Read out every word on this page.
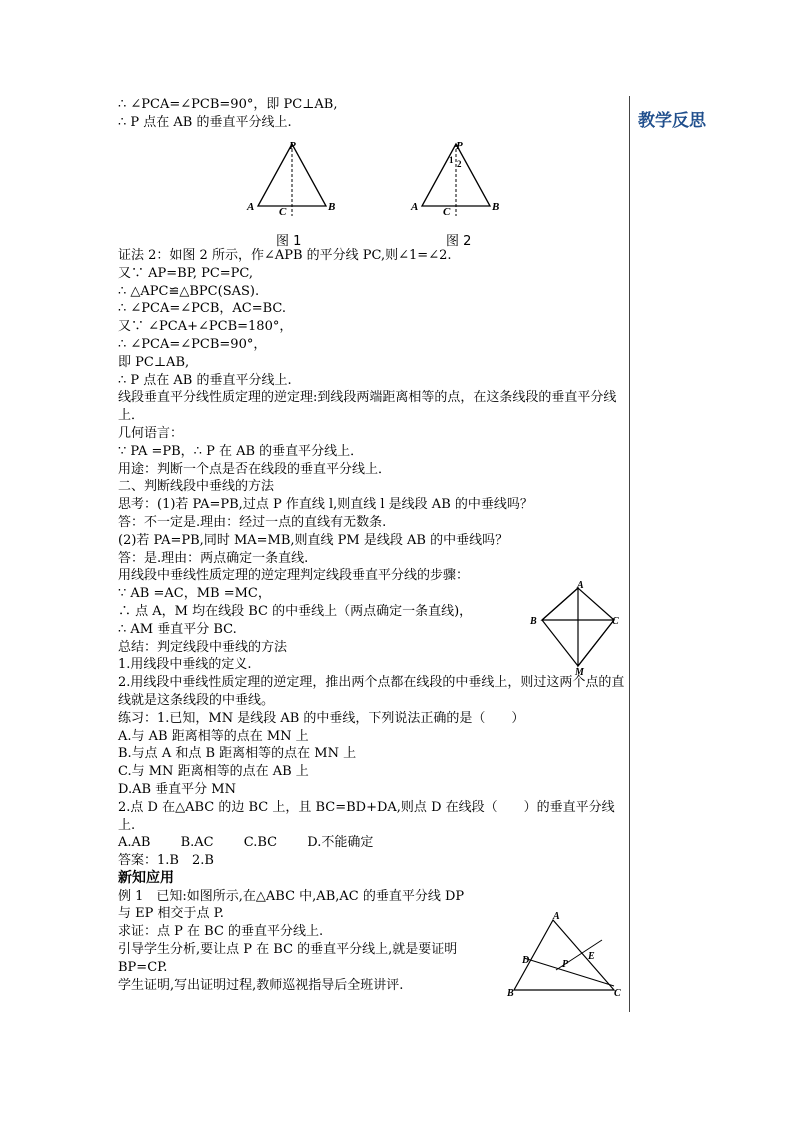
教学反思
∴ ∠PCA=∠PCB=90°，即 PC⊥AB,
∴ P 点在 AB 的垂直平分线上.
P
A	B
C
图 1
P
1 2
A	B
C
图 2
证法 2：如图 2 所示，作∠APB 的平分线 PC,则∠1=∠2.
又∵ AP=BP, PC=PC,
∴ △APC≌△BPC(SAS).
∴ ∠PCA=∠PCB，AC=BC.
又∵ ∠PCA+∠PCB=180°，
∴ ∠PCA=∠PCB=90°，
即 PC⊥AB,
∴ P 点在 AB 的垂直平分线上.
线段垂直平分线性质定理的逆定理:到线段两端距离相等的点，在这条线段的垂直平分线上．
几何语言：
∵ PA =PB，∴ P 在 AB 的垂直平分线上．
用途：判断一个点是否在线段的垂直平分线上．
二、判断线段中垂线的方法
思考：(1)若 PA=PB,过点 P 作直线 l,则直线 l 是线段 AB 的中垂线吗？
答：不一定是.理由：经过一点的直线有无数条.
(2)若 PA=PB,同时 MA=MB,则直线 PM 是线段 AB 的中垂线吗？
答：是.理由：两点确定一条直线.
用线段中垂线性质定理的逆定理判定线段垂直平分线的步骤：
∵ AB =AC，MB =MC，
∴ 点 A，M 均在线段 BC 的中垂线上（两点确定一条直线)，
∴ AM 垂直平分 BC.
总结：判定线段中垂线的方法
1.用线段中垂线的定义.
2.用线段中垂线性质定理的逆定理，推出两个点都在线段的中垂线上，则过这两个点的直线就是这条线段的中垂线。
练习：1.已知，MN 是线段 AB 的中垂线，下列说法正确的是（　　）
A.与 AB 距离相等的点在 MN 上
B.与点 A 和点 B 距离相等的点在 MN 上
C.与 MN 距离相等的点在 AB 上
D.AB 垂直平分 MN
2.点 D 在△ABC 的边 BC 上，且 BC=BD+DA,则点 D 在线段（　　）的垂直平分线上.
A.AB　　 B.AC　　 C.BC　　 D.不能确定
答案：1.B　2.B
新知应用
例 1　已知:如图所示,在△ABC 中,AB,AC 的垂直平分线 DP
与 EP 相交于点 P.
求证：点 P 在 BC 的垂直平分线上.
引导学生分析,要让点 P 在 BC 的垂直平分线上,就是要证明
BP=CP.
学生证明,写出证明过程,教师巡视指导后全班讲评.
A
B	C
M
A
B	C
D	E
P
